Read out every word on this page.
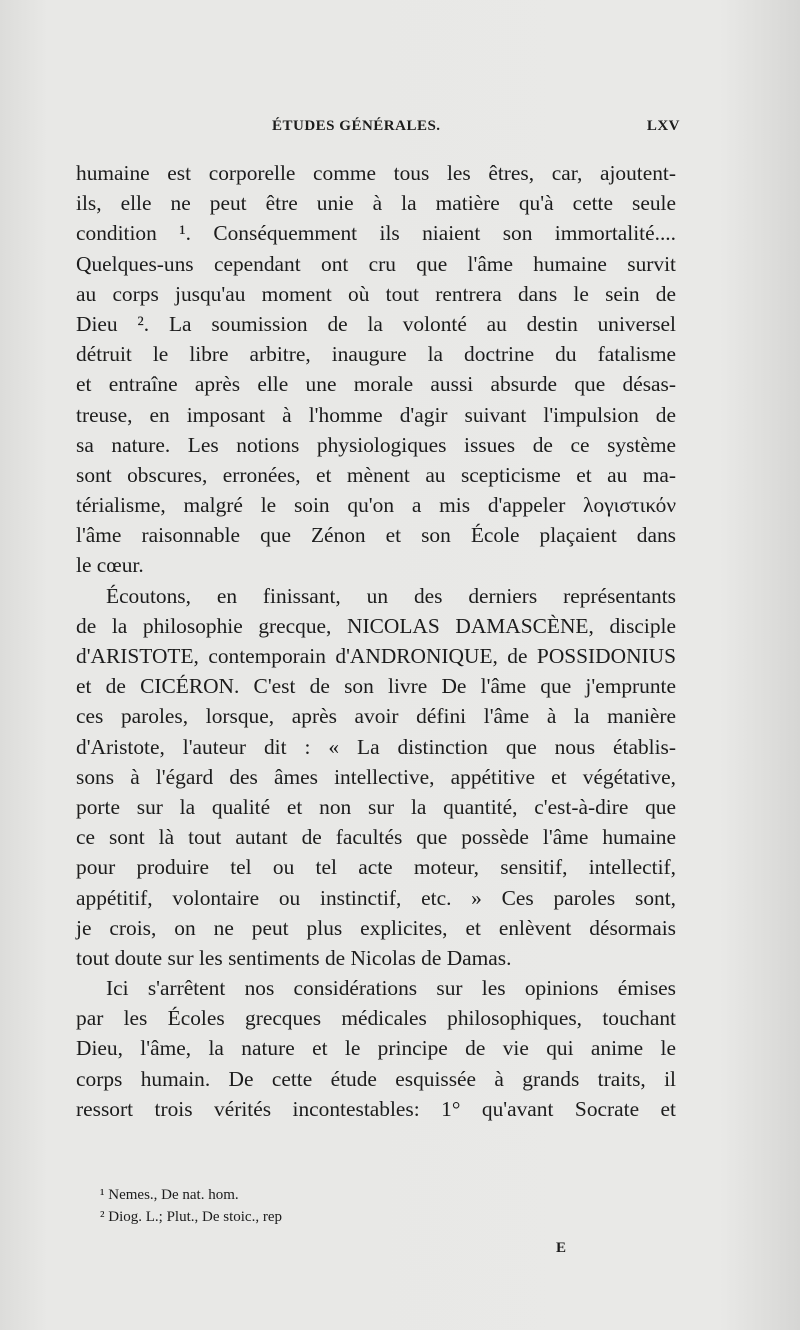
ÉTUDES GÉNÉRALES.	LXV
humaine est corporelle comme tous les êtres, car, ajoutent-
ils, elle ne peut être unie à la matière qu'à cette seule
condition ¹. Conséquemment ils niaient son immortalité....
Quelques-uns cependant ont cru que l'âme humaine survit
au corps jusqu'au moment où tout rentrera dans le sein de
Dieu ². La soumission de la volonté au destin universel
détruit le libre arbitre, inaugure la doctrine du fatalisme
et entraîne après elle une morale aussi absurde que désas-
treuse, en imposant à l'homme d'agir suivant l'impulsion de
sa nature. Les notions physiologiques issues de ce système
sont obscures, erronées, et mènent au scepticisme et au ma-
térialisme, malgré le soin qu'on a mis d'appeler λογιστικόν
l'âme raisonnable que Zénon et son École plaçaient dans
le cœur.
Écoutons, en finissant, un des derniers représentants
de la philosophie grecque, NICOLAS DAMASCÈNE, disciple
d'ARISTOTE, contemporain d'ANDRONIQUE, de POSSIDONIUS
et de CICÉRON. C'est de son livre De l'âme que j'emprunte
ces paroles, lorsque, après avoir défini l'âme à la manière
d'Aristote, l'auteur dit : « La distinction que nous établis-
sons à l'égard des âmes intellective, appétitive et végétative,
porte sur la qualité et non sur la quantité, c'est-à-dire que
ce sont là tout autant de facultés que possède l'âme humaine
pour produire tel ou tel acte moteur, sensitif, intellectif,
appétitif, volontaire ou instinctif, etc. » Ces paroles sont,
je crois, on ne peut plus explicites, et enlèvent désormais
tout doute sur les sentiments de Nicolas de Damas.
Ici s'arrêtent nos considérations sur les opinions émises
par les Écoles grecques médicales philosophiques, touchant
Dieu, l'âme, la nature et le principe de vie qui anime le
corps humain. De cette étude esquissée à grands traits, il
ressort trois vérités incontestables: 1° qu'avant Socrate et
¹ Nemes., De nat. hom.
² Diog. L.; Plut., De stoic., rep
E
